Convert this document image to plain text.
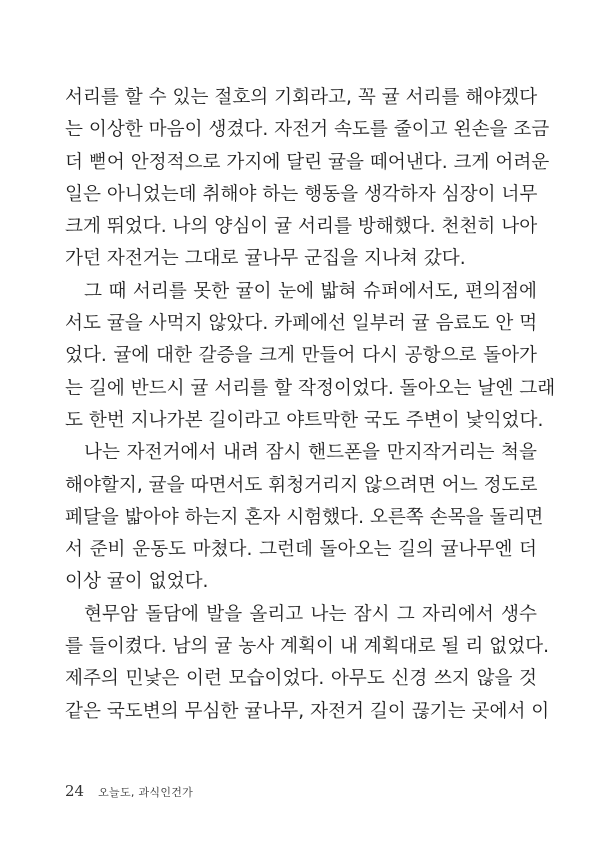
서리를 할 수 있는 절호의 기회라고, 꼭 귤 서리를 해야겠다
는 이상한 마음이 생겼다. 자전거 속도를 줄이고 왼손을 조금
더 뻗어 안정적으로 가지에 달린 귤을 떼어낸다. 크게 어려운
일은 아니었는데 취해야 하는 행동을 생각하자 심장이 너무
크게 뛰었다. 나의 양심이 귤 서리를 방해했다. 천천히 나아
가던 자전거는 그대로 귤나무 군집을 지나쳐 갔다.
그 때 서리를 못한 귤이 눈에 밟혀 슈퍼에서도, 편의점에
서도 귤을 사먹지 않았다. 카페에선 일부러 귤 음료도 안 먹
었다. 귤에 대한 갈증을 크게 만들어 다시 공항으로 돌아가
는 길에 반드시 귤 서리를 할 작정이었다. 돌아오는 날엔 그래
도 한번 지나가본 길이라고 야트막한 국도 주변이 낯익었다.
나는 자전거에서 내려 잠시 핸드폰을 만지작거리는 척을
해야할지, 귤을 따면서도 휘청거리지 않으려면 어느 정도로
페달을 밟아야 하는지 혼자 시험했다. 오른쪽 손목을 돌리면
서 준비 운동도 마쳤다. 그런데 돌아오는 길의 귤나무엔 더
이상 귤이 없었다.
현무암 돌담에 발을 올리고 나는 잠시 그 자리에서 생수
를 들이켰다. 남의 귤 농사 계획이 내 계획대로 될 리 없었다.
제주의 민낯은 이런 모습이었다. 아무도 신경 쓰지 않을 것
같은 국도변의 무심한 귤나무, 자전거 길이 끊기는 곳에서 이
24 오늘도, 과식인건가
